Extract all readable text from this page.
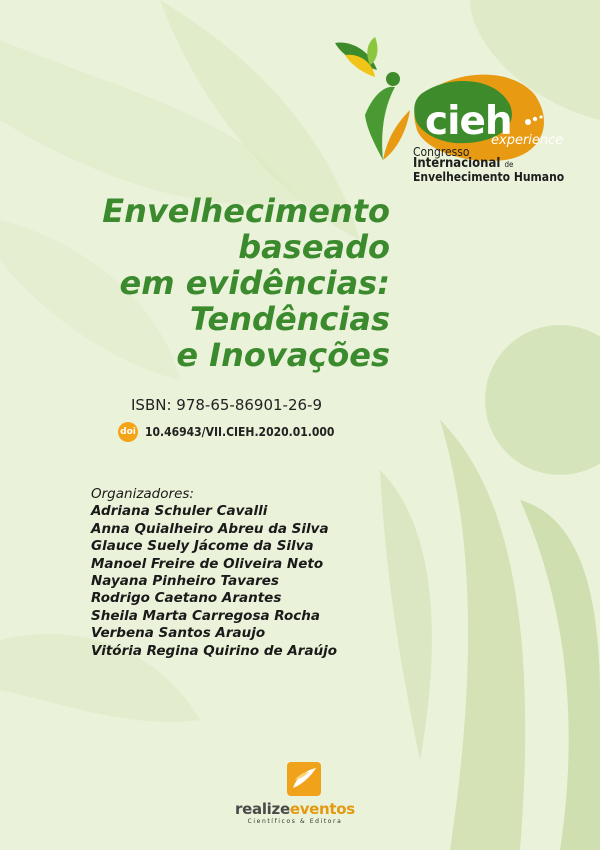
cieh
experience
Congresso
Internacional de
Envelhecimento Humano
Envelhecimento
baseado
em evidências:
Tendências
e Inovações
ISBN: 978-65-86901-26-9
doi 10.46943/VII.CIEH.2020.01.000
Organizadores:
Adriana Schuler Cavalli
Anna Quialheiro Abreu da Silva
Glauce Suely Jácome da Silva
Manoel Freire de Oliveira Neto
Nayana Pinheiro Tavares
Rodrigo Caetano Arantes
Sheila Marta Carregosa Rocha
Verbena Santos Araujo
Vitória Regina Quirino de Araújo
realizeeventos
Científicos & Editora
